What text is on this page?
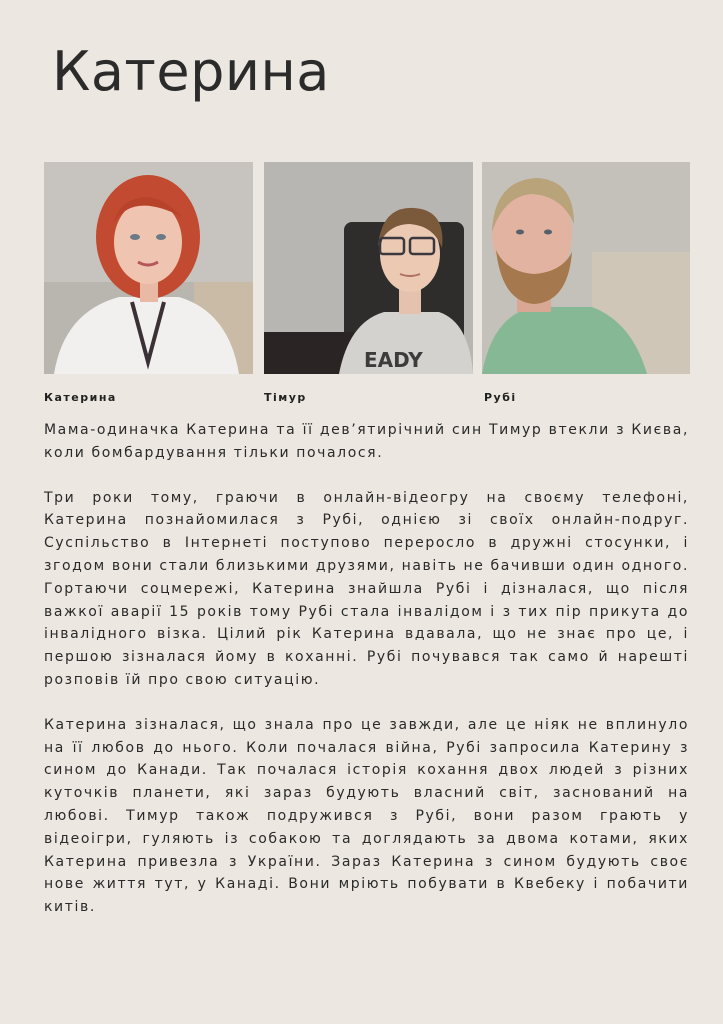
Катерина
EADY
Катерина	Тімур	Рубі

Мама-одиначка Катерина та її дев’ятирічний син Тимур втекли з Києва, коли бомбардування тільки почалося.

Три роки тому, граючи в онлайн-відеогру на своєму телефоні, Катерина познайомилася з Рубі, однією зі своїх онлайн-подруг. Суспільство в Інтернеті поступово переросло в дружні стосунки, і згодом вони стали близькими друзями, навіть не бачивши один одного. Гортаючи соцмережі, Катерина знайшла Рубі і дізналася, що після важкої аварії 15 років тому Рубі стала інвалідом і з тих пір прикута до інвалідного візка. Цілий рік Катерина вдавала, що не знає про це, і першою зізналася йому в коханні. Рубі почувався так само й нарешті розповів їй про свою ситуацію.

Катерина зізналася, що знала про це завжди, але це ніяк не вплинуло на її любов до нього. Коли почалася війна, Рубі запросила Катерину з сином до Канади. Так почалася історія кохання двох людей з різних куточків планети, які зараз будують власний світ, заснований на любові. Тимур також подружився з Рубі, вони разом грають у відеоігри, гуляють із собакою та доглядають за двома котами, яких Катерина привезла з України. Зараз Катерина з сином будують своє нове життя тут, у Канаді. Вони мріють побувати в Квебеку і побачити китів.
